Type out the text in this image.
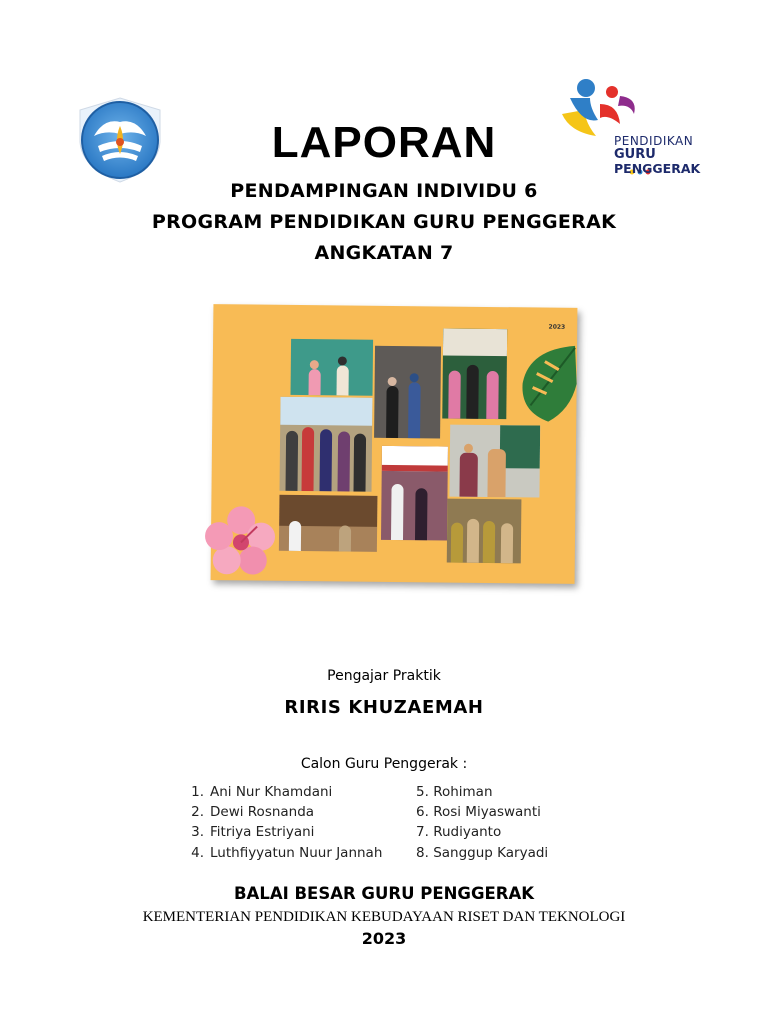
PENDIDIKAN
GURU
PENGGERAK
LAPORAN
PENDAMPINGAN INDIVIDU 6
PROGRAM PENDIDIKAN GURU PENGGERAK
ANGKATAN 7
2023
Pengajar Praktik
RIRIS KHUZAEMAH
Calon Guru Penggerak :
1. Ani Nur Khamdani
2. Dewi Rosnanda
3. Fitriya Estriyani
4. Luthfiyyatun Nuur Jannah
5. Rohiman
6. Rosi Miyaswanti
7. Rudiyanto
8. Sanggup Karyadi
BALAI BESAR GURU PENGGERAK
KEMENTERIAN PENDIDIKAN KEBUDAYAAN RISET DAN TEKNOLOGI
2023
